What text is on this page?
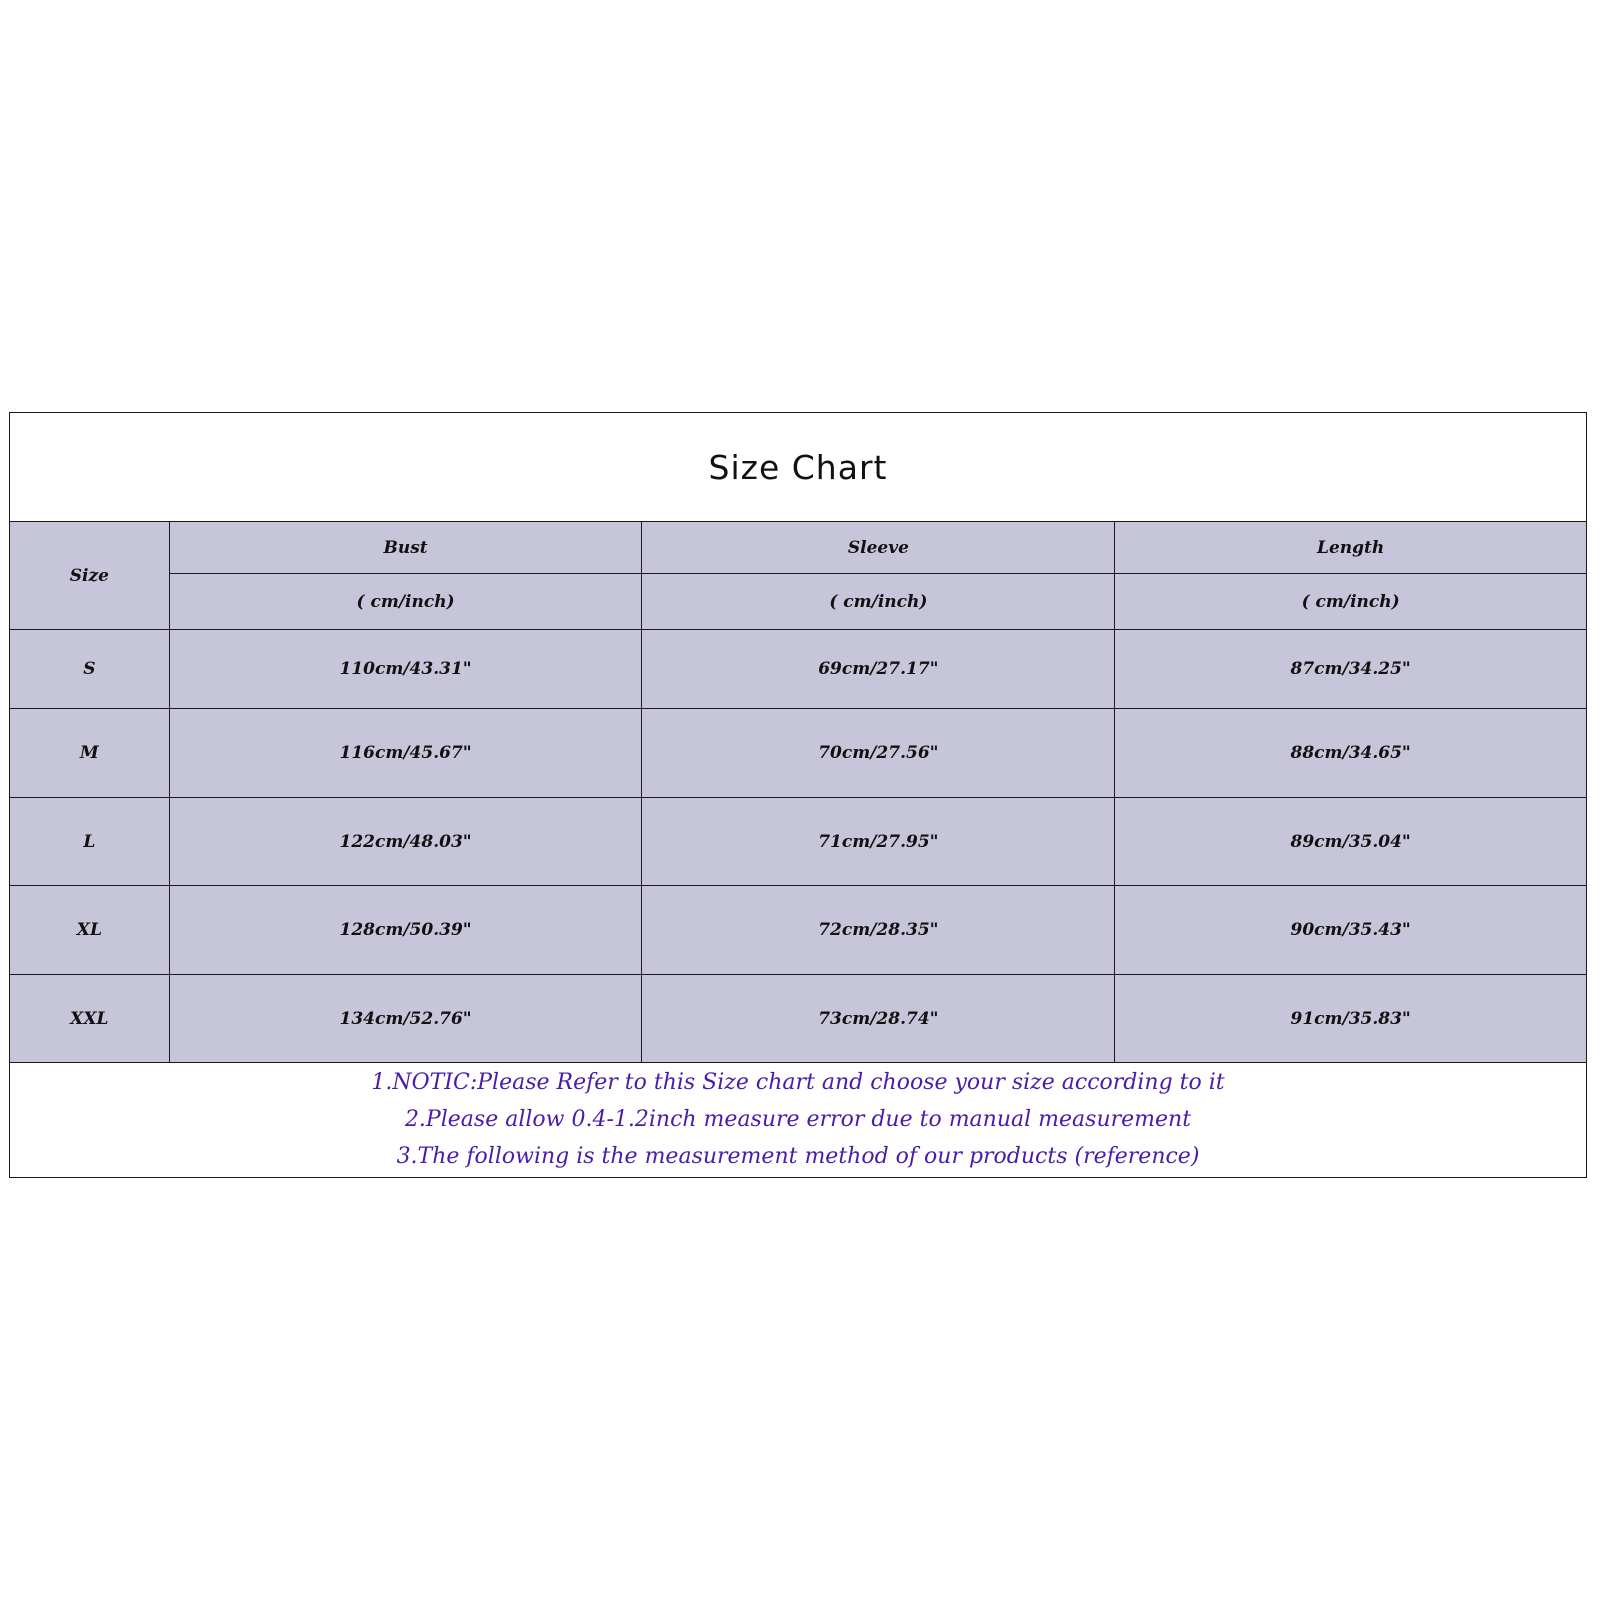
Size Chart
Size	Bust	Sleeve	Length
	( cm/inch)	( cm/inch)	( cm/inch)
S	110cm/43.31"	69cm/27.17"	87cm/34.25"
M	116cm/45.67"	70cm/27.56"	88cm/34.65"
L	122cm/48.03"	71cm/27.95"	89cm/35.04"
XL	128cm/50.39"	72cm/28.35"	90cm/35.43"
XXL	134cm/52.76"	73cm/28.74"	91cm/35.83"
1.NOTIC:Please Refer to this Size chart and choose your size according to it
2.Please allow 0.4-1.2inch measure error due to manual measurement
3.The following is the measurement method of our products (reference)
